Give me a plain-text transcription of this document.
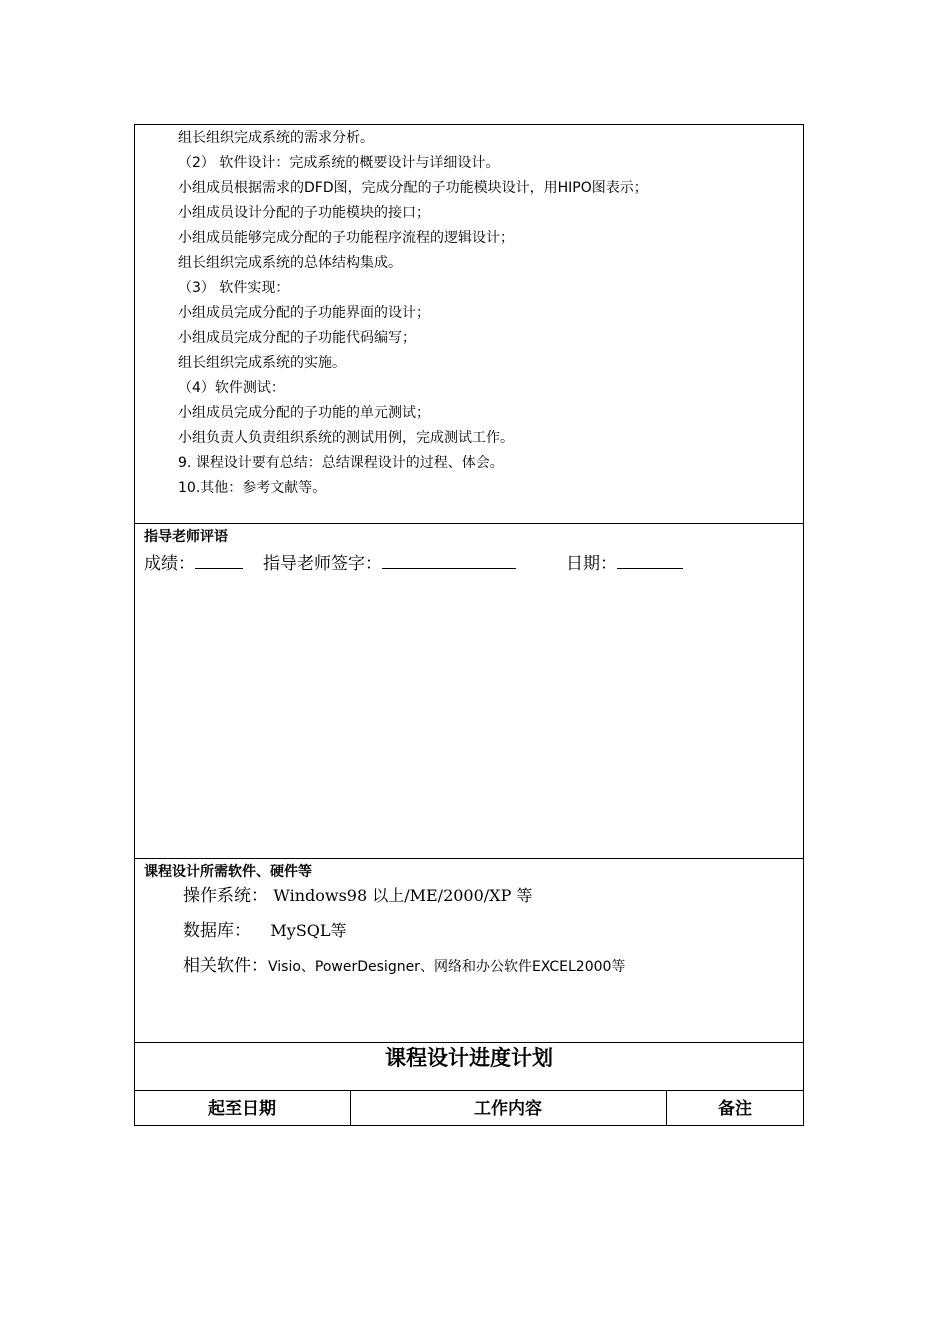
组长组织完成系统的需求分析。
（2） 软件设计：完成系统的概要设计与详细设计。
小组成员根据需求的DFD图，完成分配的子功能模块设计，用HIPO图表示；
小组成员设计分配的子功能模块的接口；
小组成员能够完成分配的子功能程序流程的逻辑设计；
组长组织完成系统的总体结构集成。
（3） 软件实现：
小组成员完成分配的子功能界面的设计；
小组成员完成分配的子功能代码编写；
组长组织完成系统的实施。
（4）软件测试：
小组成员完成分配的子功能的单元测试；
小组负责人负责组织系统的测试用例，完成测试工作。
9. 课程设计要有总结：总结课程设计的过程、体会。
10.其他：参考文献等。
指导老师评语
成绩：	指导老师签字：	日期：
课程设计所需软件、硬件等
操作系统： Windows98 以上/ME/2000/XP 等
数据库： MySQL等
相关软件：Visio、PowerDesigner、网络和办公软件EXCEL2000等
课程设计进度计划
起至日期	工作内容	备注
